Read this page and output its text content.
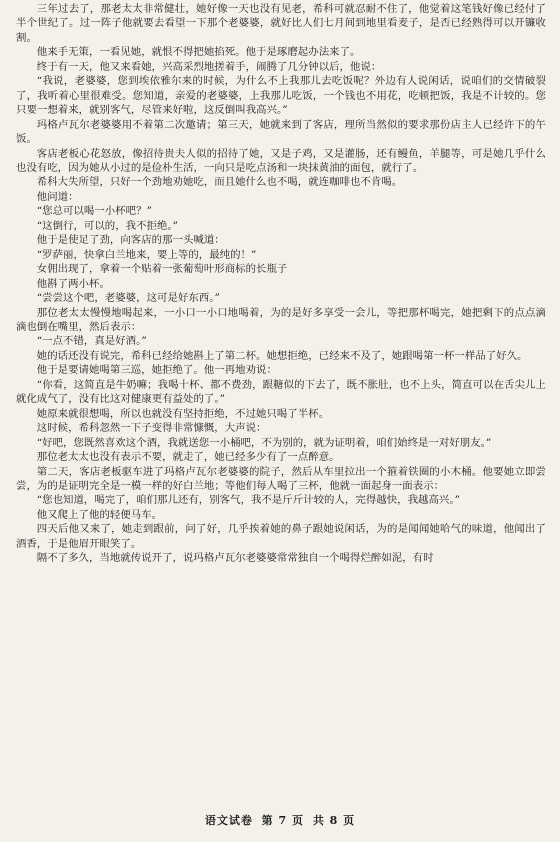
三年过去了，那老太太非常健壮，她好像一天也没有见老，希科可就忍耐不住了，他觉着这笔钱好像已经付了半个世纪了。过一阵子他就要去看望一下那个老婆婆，就好比人们七月间到地里看麦子，是否已经熟得可以开镰收割。

他来手无策，一看见她，就恨不得把她掐死。他于是琢磨起办法来了。

终于有一天，他又来看她，兴高采烈地搓着手，闹腾了几分钟以后，他说：

“我说，老婆婆，您到埃依雅尔来的时候，为什么不上我那儿去吃饭呢？外边有人说闲话，说咱们的交情破裂了，我听着心里很难受。您知道，亲爱的老婆婆，上我那儿吃饭，一个钱也不用花，吃顿把饭，我是不计较的。您只要一想着来，就别客气，尽管来好啦，这反倒叫我高兴。”

玛格卢瓦尔老婆婆用不着第二次邀请；第三天，她就来到了客店，理所当然似的要求那份店主人已经许下的午饭。

客店老板心花怒放，像招待贵夫人似的招待了她，又是子鸡，又是灌肠，还有鳗鱼，羊腿等，可是她几乎什么也没有吃，因为她从小过的是俭朴生活，一向只是吃点汤和一块抹黄油的面包，就行了。

希科大失所望，只好一个劲地劝她吃，而且她什么也不喝，就连咖啡也不肯喝。

他问道：

“您总可以喝一小杯吧？”

“这倒行，可以的，我不拒绝。”

他于是使足了劲，向客店的那一头喊道：

“罗萨丽，快拿白兰地来，要上等的，最纯的！”

女佣出现了，拿着一个贴着一张葡萄叶形商标的长瓶子

他斟了两小杯。

“尝尝这个吧，老婆婆，这可是好东西。”

那位老太太慢慢地喝起来，一小口一小口地喝着，为的是好多享受一会儿，等把那杯喝完，她把剩下的点点滴滴也倒在嘴里，然后表示：

“一点不错，真是好酒。”

她的话还没有说完，希科已经给她斟上了第二杯。她想拒绝，已经来不及了，她跟喝第一杯一样品了好久。

他于是要请她喝第三巡，她拒绝了。他一再地劝说：

“你看，这简直是牛奶嘛；我喝十杯、都不费劲，跟糖似的下去了，既不胀肚，也不上头，简直可以在舌尖儿上就化成气了，没有比这对健康更有益处的了。”

她原来就很想喝，所以也就没有坚持拒绝，不过她只喝了半杯。

这时候，希科忽然一下子变得非常慷慨，大声说：

“好吧，您既然喜欢这个酒，我就送您一小桶吧，不为别的，就为证明着，咱们始终是一对好朋友。”

那位老太太也没有表示不要，就走了，她已经多少有了一点醉意。

第二天，客店老板驱车进了玛格卢瓦尔老婆婆的院子，然后从车里拉出一个箍着铁圈的小木桶。他要她立即尝尝，为的是证明完全是一模一样的好白兰地；等他们每人喝了三杯，他就一面起身一面表示：

“您也知道，喝完了，咱们那儿还有，别客气，我不是斤斤计较的人，完得越快，我越高兴。”

他又爬上了他的轻便马车。

四天后他又来了，她走到跟前，问了好，几乎挨着她的鼻子跟她说闲话，为的是闻闻她哈气的味道，他闻出了酒香，于是他眉开眼笑了。

隔不了多久，当地就传说开了，说玛格卢瓦尔老婆婆常常独自一个喝得烂醉如泥，有时

语文试卷 第 7 页 共 8 页
